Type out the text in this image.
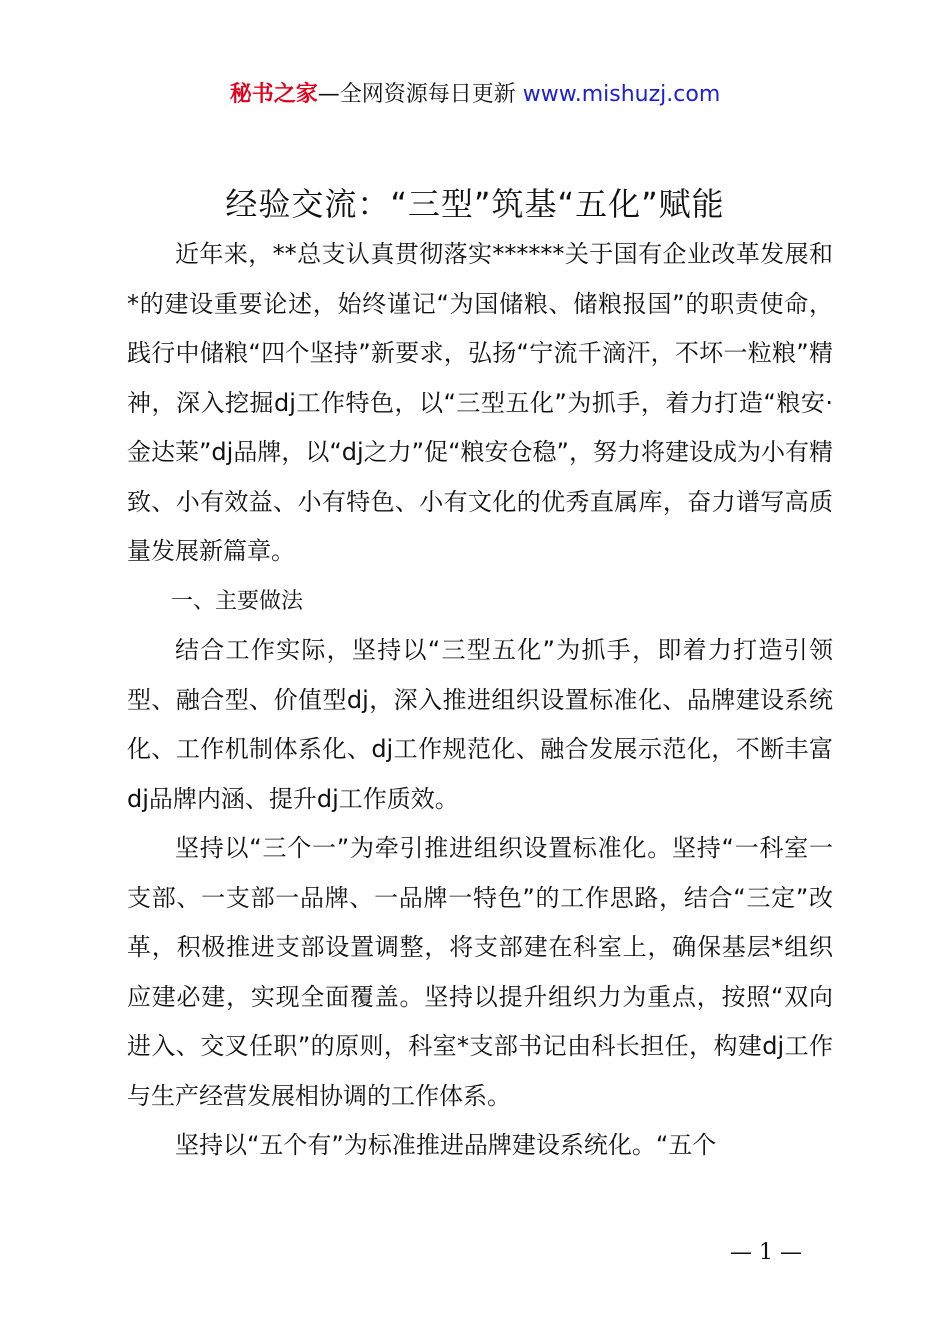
秘书之家—全网资源每日更新 www.mishuzj.com
经验交流：“三型”筑基“五化”赋能

近年来，**总支认真贯彻落实******关于国有企业改革发展和*的建设重要论述，始终谨记“为国储粮、储粮报国”的职责使命，践行中储粮“四个坚持”新要求，弘扬“宁流千滴汗，不坏一粒粮”精神，深入挖掘dj工作特色，以“三型五化”为抓手，着力打造“粮安·金达莱”dj品牌，以“dj之力”促“粮安仓稳”，努力将建设成为小有精致、小有效益、小有特色、小有文化的优秀直属库，奋力谱写高质量发展新篇章。

一、主要做法

结合工作实际，坚持以“三型五化”为抓手，即着力打造引领型、融合型、价值型dj，深入推进组织设置标准化、品牌建设系统化、工作机制体系化、dj工作规范化、融合发展示范化，不断丰富dj品牌内涵、提升dj工作质效。

坚持以“三个一”为牵引推进组织设置标准化。坚持“一科室一支部、一支部一品牌、一品牌一特色”的工作思路，结合“三定”改革，积极推进支部设置调整，将支部建在科室上，确保基层*组织应建必建，实现全面覆盖。坚持以提升组织力为重点，按照“双向进入、交叉任职”的原则，科室*支部书记由科长担任，构建dj工作与生产经营发展相协调的工作体系。

坚持以“五个有”为标准推进品牌建设系统化。“五个

— 1 —
